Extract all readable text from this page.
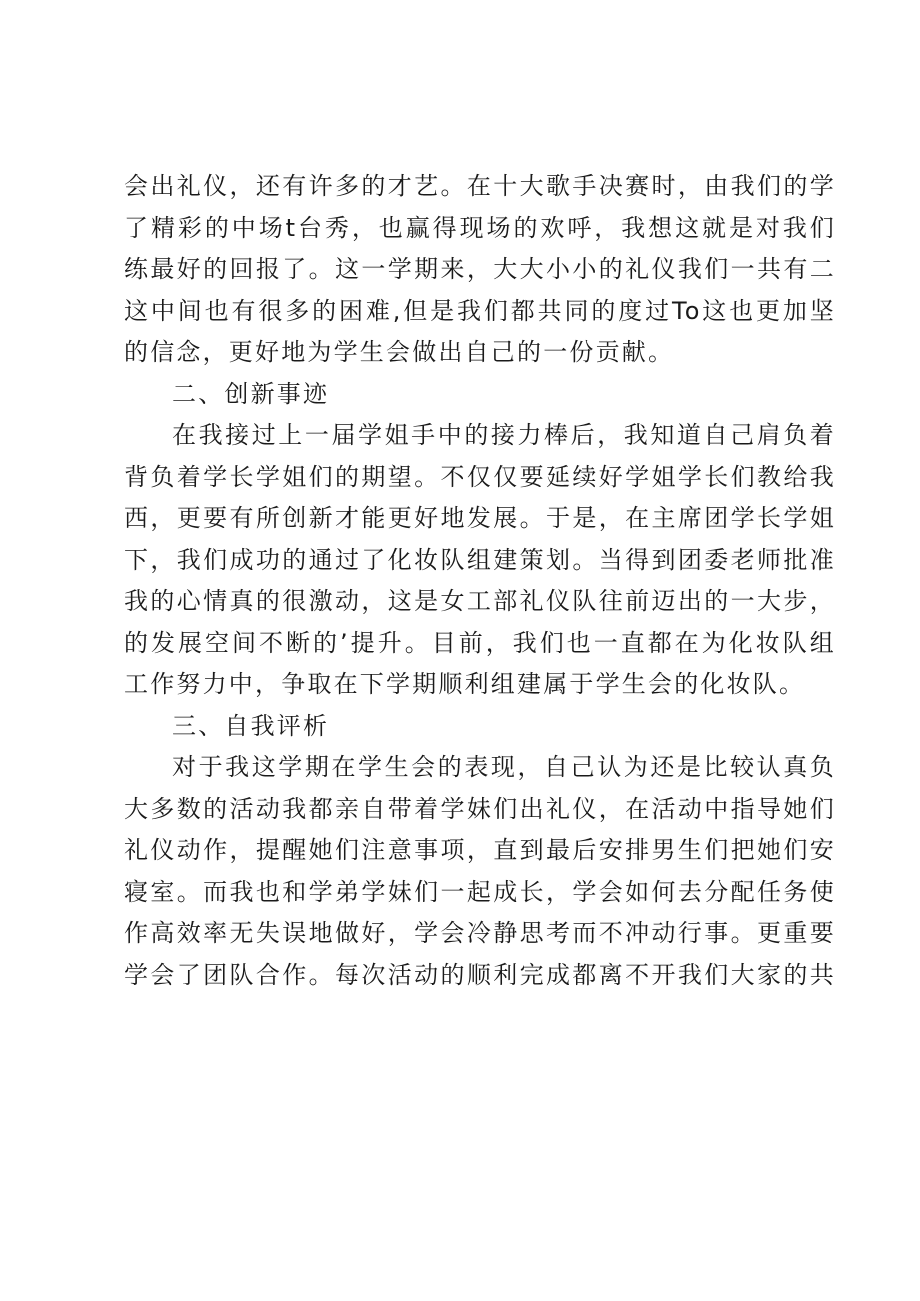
会出礼仪，还有许多的才艺。在十大歌手决赛时，由我们的学
了精彩的中场t台秀，也赢得现场的欢呼，我想这就是对我们
练最好的回报了。这一学期来，大大小小的礼仪我们一共有二
这中间也有很多的困难,但是我们都共同的度过To这也更加坚
的信念，更好地为学生会做出自己的一份贡献。
二、创新事迹
在我接过上一届学姐手中的接力棒后，我知道自己肩负着
背负着学长学姐们的期望。不仅仅要延续好学姐学长们教给我
西，更要有所创新才能更好地发展。于是，在主席团学长学姐
下，我们成功的通过了化妆队组建策划。当得到团委老师批准
我的心情真的很激动，这是女工部礼仪队往前迈出的一大步，
的发展空间不断的’提升。目前，我们也一直都在为化妆队组
工作努力中，争取在下学期顺利组建属于学生会的化妆队。
三、自我评析
对于我这学期在学生会的表现，自己认为还是比较认真负
大多数的活动我都亲自带着学妹们出礼仪，在活动中指导她们
礼仪动作，提醒她们注意事项，直到最后安排男生们把她们安
寝室。而我也和学弟学妹们一起成长，学会如何去分配任务使
作高效率无失误地做好，学会冷静思考而不冲动行事。更重要
学会了团队合作。每次活动的顺利完成都离不开我们大家的共
